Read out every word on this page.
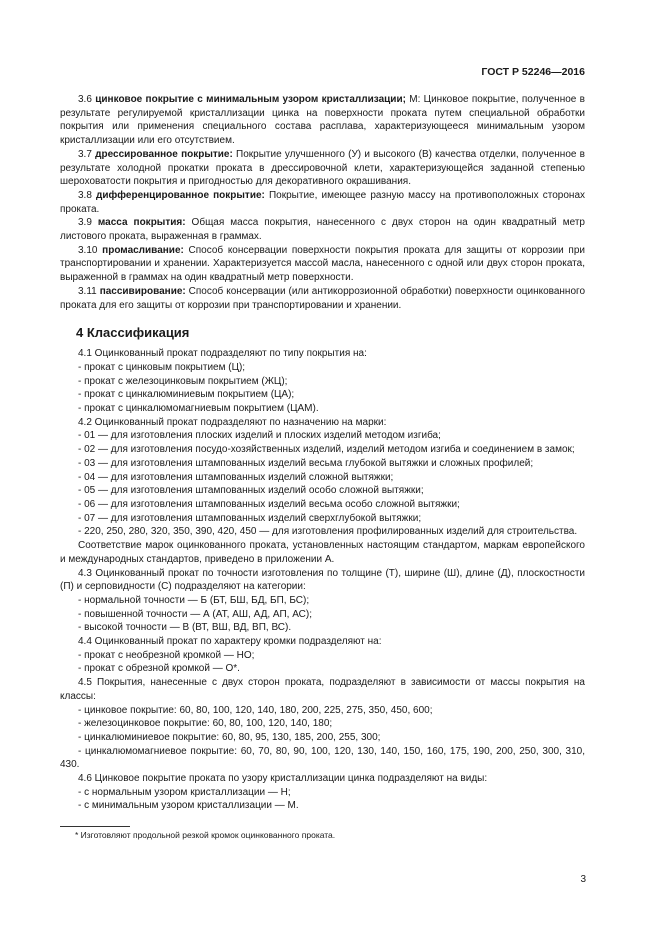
ГОСТ Р 52246—2016

3.6 цинковое покрытие с минимальным узором кристаллизации; М: Цинковое покрытие, полученное в результате регулируемой кристаллизации цинка на поверхности проката путем специальной обработки покрытия или применения специального состава расплава, характеризующееся минимальным узором кристаллизации или его отсутствием.

3.7 дрессированное покрытие: Покрытие улучшенного (У) и высокого (В) качества отделки, полученное в результате холодной прокатки проката в дрессировочной клети, характеризующейся заданной степенью шероховатости покрытия и пригодностью для декоративного окрашивания.

3.8 дифференцированное покрытие: Покрытие, имеющее разную массу на противоположных сторонах проката.

3.9 масса покрытия: Общая масса покрытия, нанесенного с двух сторон на один квадратный метр листового проката, выраженная в граммах.

3.10 промасливание: Способ консервации поверхности покрытия проката для защиты от коррозии при транспортировании и хранении. Характеризуется массой масла, нанесенного с одной или двух сторон проката, выраженной в граммах на один квадратный метр поверхности.

3.11 пассивирование: Способ консервации (или антикоррозионной обработки) поверхности оцинкованного проката для его защиты от коррозии при транспортировании и хранении.

4 Классификация

4.1 Оцинкованный прокат подразделяют по типу покрытия на:

- прокат с цинковым покрытием (Ц);

- прокат с железоцинковым покрытием (ЖЦ);

- прокат с цинкалюминиевым покрытием (ЦА);

- прокат с цинкалюмомагниевым покрытием (ЦАМ).

4.2 Оцинкованный прокат подразделяют по назначению на марки:

- 01 — для изготовления плоских изделий и плоских изделий методом изгиба;

- 02 — для изготовления посудо-хозяйственных изделий, изделий методом изгиба и соединением в замок;

- 03 — для изготовления штампованных изделий весьма глубокой вытяжки и сложных профилей;

- 04 — для изготовления штампованных изделий сложной вытяжки;

- 05 — для изготовления штампованных изделий особо сложной вытяжки;

- 06 — для изготовления штампованных изделий весьма особо сложной вытяжки;

- 07 — для изготовления штампованных изделий сверхглубокой вытяжки;

- 220, 250, 280, 320, 350, 390, 420, 450 — для изготовления профилированных изделий для строительства.

Соответствие марок оцинкованного проката, установленных настоящим стандартом, маркам европейского и международных стандартов, приведено в приложении А.

4.3 Оцинкованный прокат по точности изготовления по толщине (Т), ширине (Ш), длине (Д), плоскостности (П) и серповидности (С) подразделяют на категории:

- нормальной точности — Б (БТ, БШ, БД, БП, БС);

- повышенной точности — А (АТ, АШ, АД, АП, АС);

- высокой точности — В (ВТ, ВШ, ВД, ВП, ВС).

4.4 Оцинкованный прокат по характеру кромки подразделяют на:

- прокат с необрезной кромкой — НО;

- прокат с обрезной кромкой — О*.

4.5 Покрытия, нанесенные с двух сторон проката, подразделяют в зависимости от массы покрытия на классы:

- цинковое покрытие: 60, 80, 100, 120, 140, 180, 200, 225, 275, 350, 450, 600;

- железоцинковое покрытие: 60, 80, 100, 120, 140, 180;

- цинкалюминиевое покрытие: 60, 80, 95, 130, 185, 200, 255, 300;

- цинкалюмомагниевое покрытие: 60, 70, 80, 90, 100, 120, 130, 140, 150, 160, 175, 190, 200, 250, 300, 310, 430.

4.6 Цинковое покрытие проката по узору кристаллизации цинка подразделяют на виды:

- с нормальным узором кристаллизации — Н;

- с минимальным узором кристаллизации — М.

* Изготовляют продольной резкой кромок оцинкованного проката.
3
